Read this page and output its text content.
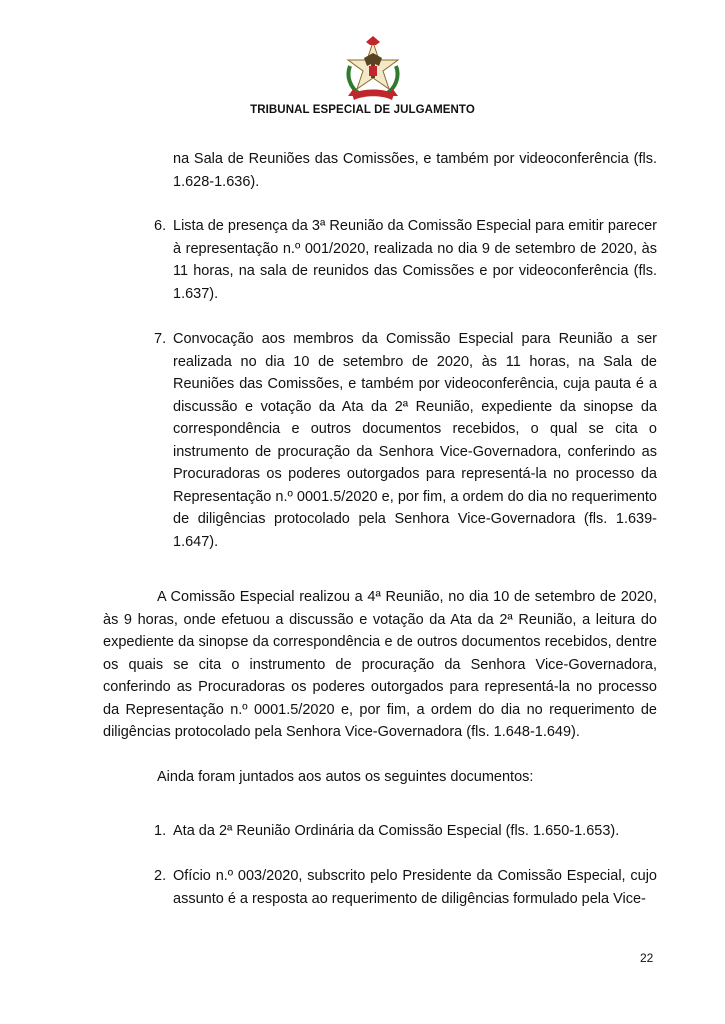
TRIBUNAL ESPECIAL DE JULGAMENTO
na Sala de Reuniões das Comissões, e também por videoconferência (fls. 1.628-1.636).
6. Lista de presença da 3ª Reunião da Comissão Especial para emitir parecer à representação n.º 001/2020, realizada no dia 9 de setembro de 2020, às 11 horas, na sala de reunidos das Comissões e por videoconferência (fls. 1.637).
7. Convocação aos membros da Comissão Especial para Reunião a ser realizada no dia 10 de setembro de 2020, às 11 horas, na Sala de Reuniões das Comissões, e também por videoconferência, cuja pauta é a discussão e votação da Ata da 2ª Reunião, expediente da sinopse da correspondência e outros documentos recebidos, o qual se cita o instrumento de procuração da Senhora Vice-Governadora, conferindo as Procuradoras os poderes outorgados para representá-la no processo da Representação n.º 0001.5/2020 e, por fim, a ordem do dia no requerimento de diligências protocolado pela Senhora Vice-Governadora (fls. 1.639-1.647).
A Comissão Especial realizou a 4ª Reunião, no dia 10 de setembro de 2020, às 9 horas, onde efetuou a discussão e votação da Ata da 2ª Reunião, a leitura do expediente da sinopse da correspondência e de outros documentos recebidos, dentre os quais se cita o instrumento de procuração da Senhora Vice-Governadora, conferindo as Procuradoras os poderes outorgados para representá-la no processo da Representação n.º 0001.5/2020 e, por fim, a ordem do dia no requerimento de diligências protocolado pela Senhora Vice-Governadora (fls. 1.648-1.649).
Ainda foram juntados aos autos os seguintes documentos:
1. Ata da 2ª Reunião Ordinária da Comissão Especial (fls. 1.650-1.653).
2. Ofício n.º 003/2020, subscrito pelo Presidente da Comissão Especial, cujo assunto é a resposta ao requerimento de diligências formulado pela Vice-
22
